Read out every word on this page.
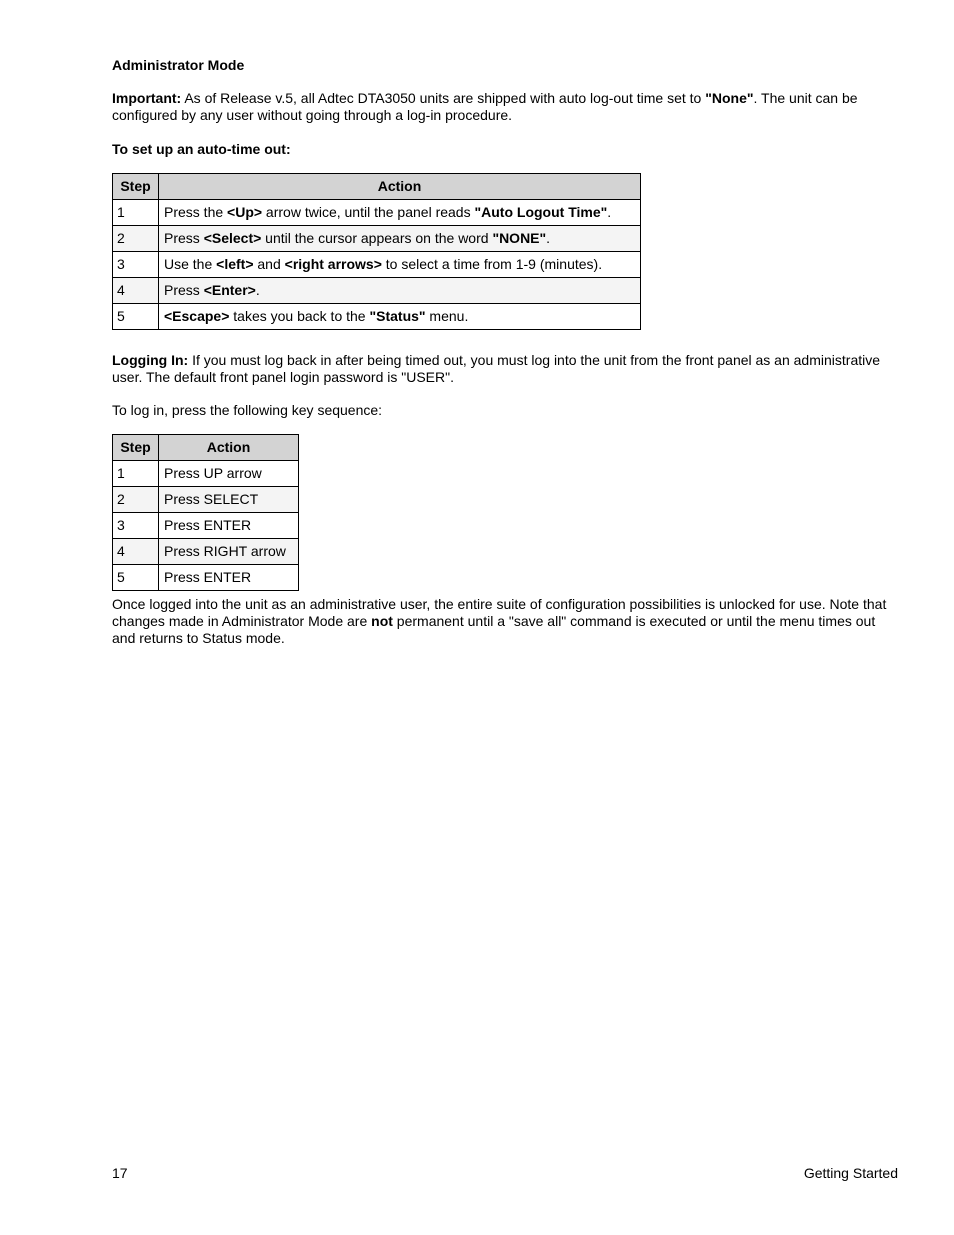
Administrator Mode
Important: As of Release v.5, all Adtec DTA3050 units are shipped with auto log-out time set to "None". The unit can be configured by any user without going through a log-in procedure.
To set up an auto-time out:
Step	Action
1	Press the <Up> arrow twice, until the panel reads "Auto Logout Time".
2	Press <Select> until the cursor appears on the word "NONE".
3	Use the <left> and <right arrows> to select a time from 1-9 (minutes).
4	Press <Enter>.
5	<Escape> takes you back to the "Status" menu.
Logging In: If you must log back in after being timed out, you must log into the unit from the front panel as an administrative user. The default front panel login password is "USER".
To log in, press the following key sequence:
Step	Action
1	Press UP arrow
2	Press SELECT
3	Press ENTER
4	Press RIGHT arrow
5	Press ENTER
Once logged into the unit as an administrative user, the entire suite of configuration possibilities is unlocked for use. Note that changes made in Administrator Mode are not permanent until a "save all" command is executed or until the menu times out and returns to Status mode.
17	Getting Started
